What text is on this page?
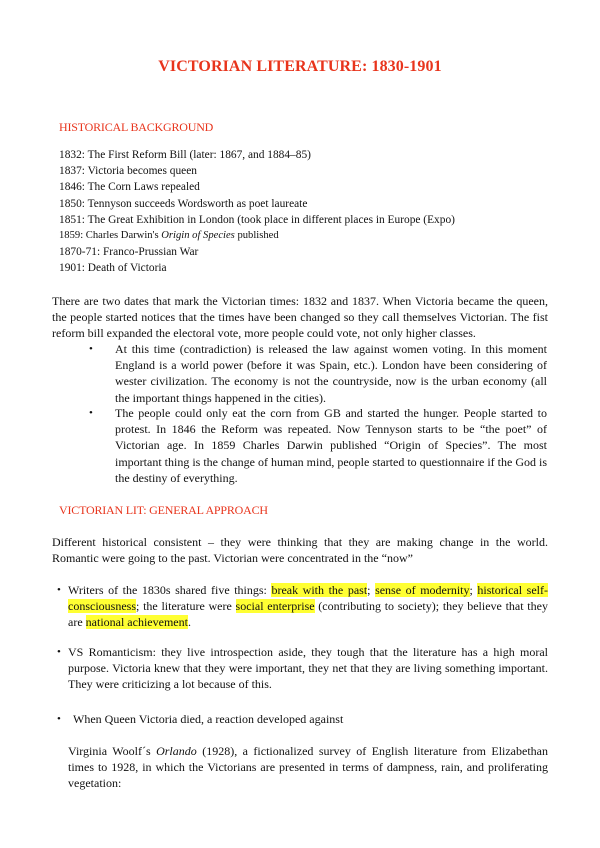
VICTORIAN LITERATURE: 1830-1901
HISTORICAL BACKGROUND
1832: The First Reform Bill (later: 1867, and 1884–85)
1837: Victoria becomes queen
1846: The Corn Laws repealed
1850: Tennyson succeeds Wordsworth as poet laureate
1851: The Great Exhibition in London (took place in different places in Europe (Expo)
1859: Charles Darwin's Origin of Species published
1870-71: Franco-Prussian War
1901: Death of Victoria
There are two dates that mark the Victorian times: 1832 and 1837. When Victoria became the queen, the people started notices that the times have been changed so they call themselves Victorian. The fist reform bill expanded the electoral vote, more people could vote, not only higher classes.
• At this time (contradiction) is released the law against women voting. In this moment England is a world power (before it was Spain, etc.). London have been considering of wester civilization. The economy is not the countryside, now is the urban economy (all the important things happened in the cities).
• The people could only eat the corn from GB and started the hunger. People started to protest. In 1846 the Reform was repeated. Now Tennyson starts to be “the poet” of Victorian age. In 1859 Charles Darwin published “Origin of Species”. The most important thing is the change of human mind, people started to questionnaire if the God is the destiny of everything.
VICTORIAN LIT: GENERAL APPROACH
Different historical consistent – they were thinking that they are making change in the world. Romantic were going to the past. Victorian were concentrated in the “now”
• Writers of the 1830s shared five things: break with the past; sense of modernity; historical self-consciousness; the literature were social enterprise (contributing to society); they believe that they are national achievement.
• VS Romanticism: they live introspection aside, they tough that the literature has a high moral purpose. Victoria knew that they were important, they net that they are living something important. They were criticizing a lot because of this.
• When Queen Victoria died, a reaction developed against
Virginia Woolf´s Orlando (1928), a fictionalized survey of English literature from Elizabethan times to 1928, in which the Victorians are presented in terms of dampness, rain, and proliferating vegetation:
